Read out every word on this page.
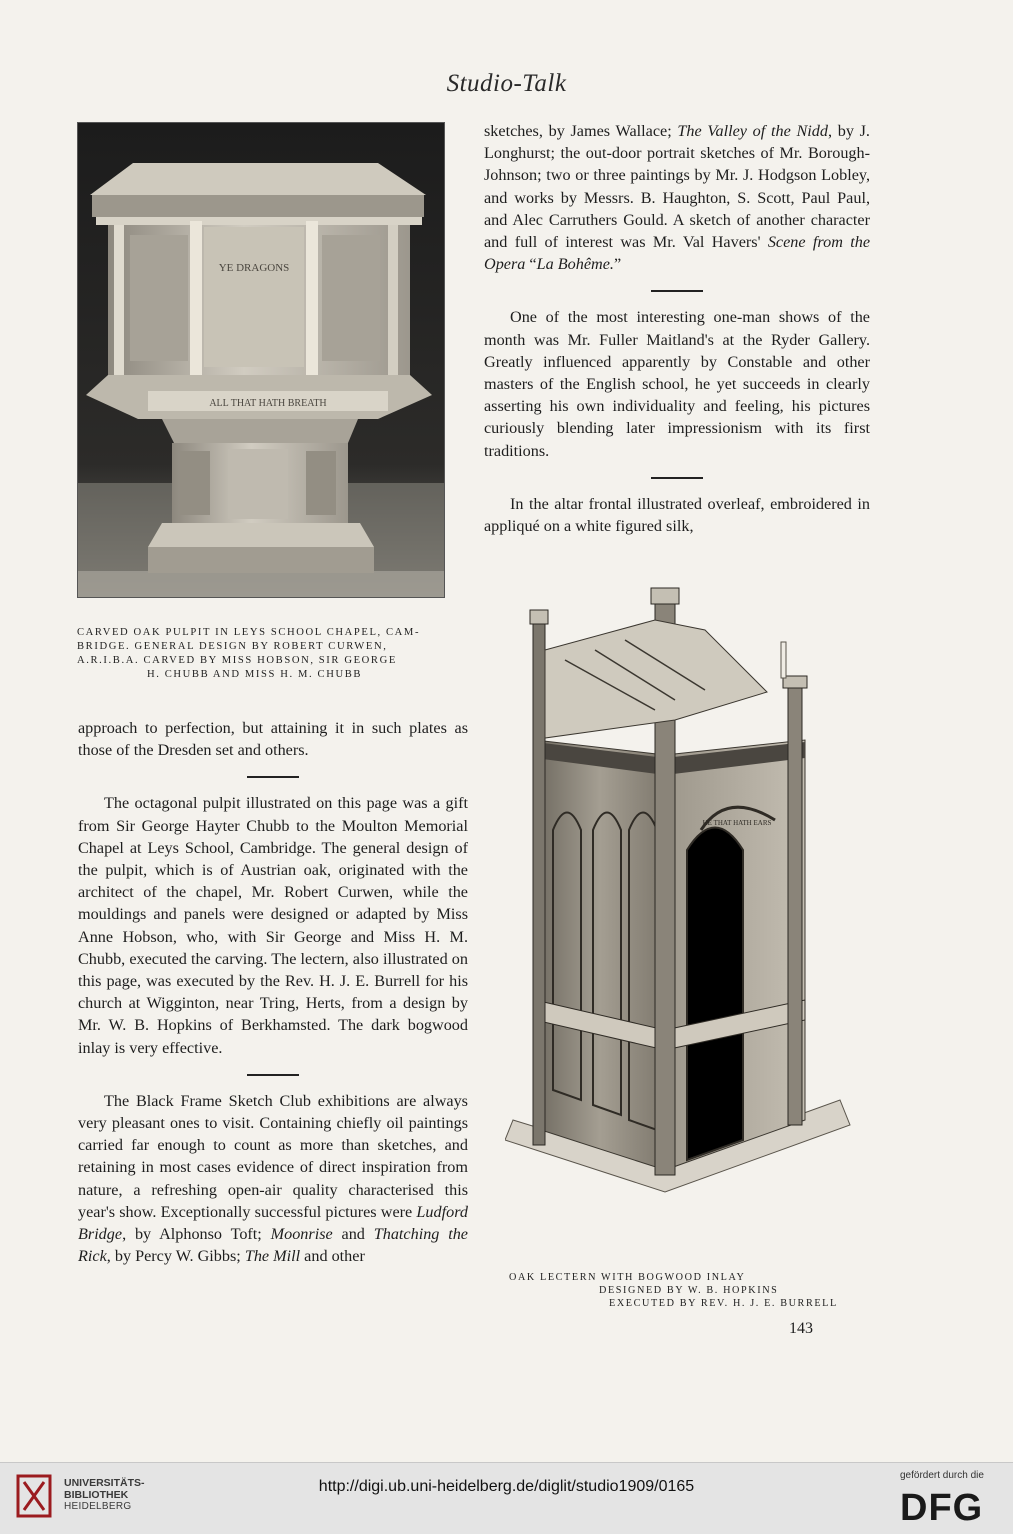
Studio-Talk
YE DRAGONS
ALL THAT HATH BREATH
CARVED OAK PULPIT IN LEYS SCHOOL CHAPEL, CAM-
BRIDGE. GENERAL DESIGN BY ROBERT CURWEN,
A.R.I.B.A. CARVED BY MISS HOBSON, SIR GEORGE
H. CHUBB AND MISS H. M. CHUBB

sketches, by James Wallace; The Valley of the Nidd, by J. Longhurst; the out-door portrait sketches of Mr. Borough-Johnson; two or three paintings by Mr. J. Hodgson Lobley, and works by Messrs. B. Haughton, S. Scott, Paul Paul, and Alec Carruthers Gould. A sketch of another character and full of interest was Mr. Val Havers' Scene from the Opera “La Bohême.”

One of the most interesting one-man shows of the month was Mr. Fuller Maitland's at the Ryder Gallery. Greatly influenced apparently by Constable and other masters of the English school, he yet succeeds in clearly asserting his own individuality and feeling, his pictures curiously blending later impressionism with its first traditions.

In the altar frontal illustrated overleaf, embroidered in appliqué on a white figured silk,

approach to perfection, but attaining it in such plates as those of the Dresden set and others.

The octagonal pulpit illustrated on this page was a gift from Sir George Hayter Chubb to the Moulton Memorial Chapel at Leys School, Cambridge. The general design of the pulpit, which is of Austrian oak, originated with the architect of the chapel, Mr. Robert Curwen, while the mouldings and panels were designed or adapted by Miss Anne Hobson, who, with Sir George and Miss H. M. Chubb, executed the carving. The lectern, also illustrated on this page, was executed by the Rev. H. J. E. Burrell for his church at Wigginton, near Tring, Herts, from a design by Mr. W. B. Hopkins of Berkhamsted. The dark bogwood inlay is very effective.

The Black Frame Sketch Club exhibitions are always very pleasant ones to visit. Containing chiefly oil paintings carried far enough to count as more than sketches, and retaining in most cases evidence of direct inspiration from nature, a refreshing open-air quality characterised this year's show. Exceptionally successful pictures were Ludford Bridge, by Alphonso Toft; Moonrise and Thatching the Rick, by Percy W. Gibbs; The Mill and other

HE THAT HATH EARS
OAK LECTERN WITH BOGWOOD INLAY
DESIGNED BY W. B. HOPKINS
EXECUTED BY REV. H. J. E. BURRELL
143
UNIVERSITÄTS-
BIBLIOTHEK
HEIDELBERG
http://digi.ub.uni-heidelberg.de/diglit/studio1909/0165
gefördert durch die
DFG
